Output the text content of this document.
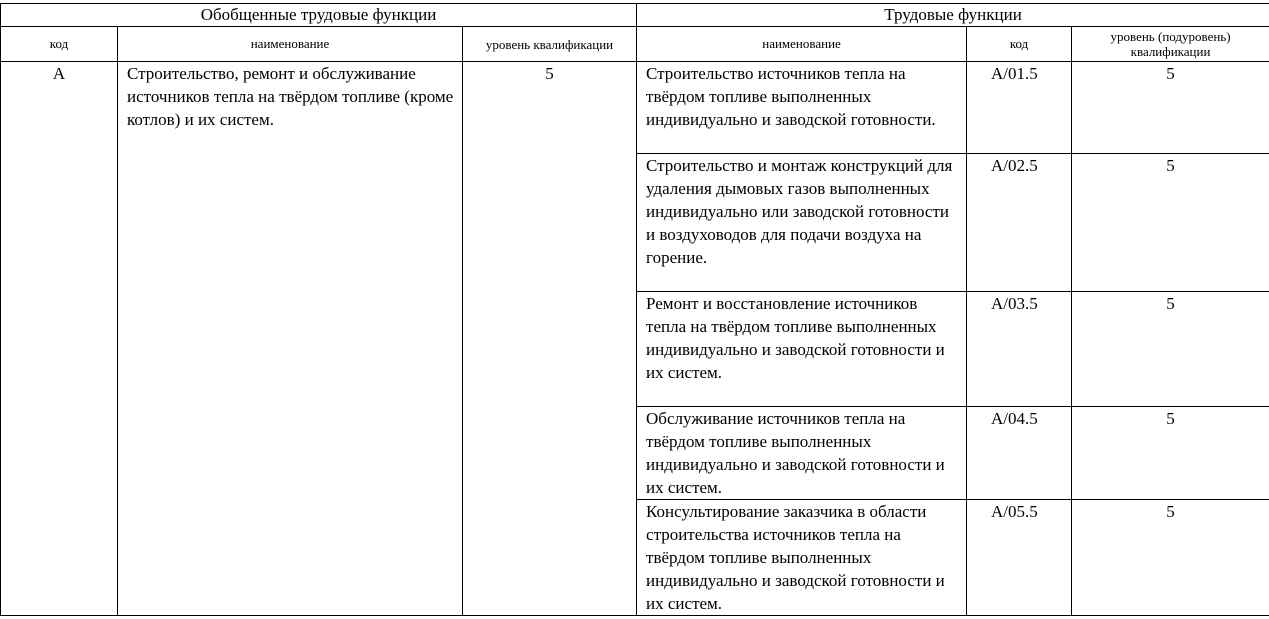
Обобщенные трудовые функции			Трудовые функции		
код	наименование	уровень квалификации	наименование	код	уровень (подуровень) квалификации
А	Строительство, ремонт и обслуживание источников тепла на твёрдом топливе (кроме котлов) и их систем.	5	Строительство источников тепла на твёрдом топливе выполненных индивидуально и заводской готовности.	A/01.5	5
			Строительство и монтаж конструкций для удаления дымовых газов выполненных индивидуально или заводской готовности и воздуховодов для подачи воздуха на горение.	A/02.5	5
			Ремонт и восстановление источников тепла на твёрдом топливе выполненных индивидуально и заводской готовности и их систем.	A/03.5	5
			Обслуживание источников тепла на твёрдом топливе выполненных индивидуально и заводской готовности и их систем.	A/04.5	5
			Консультирование заказчика в области строительства источников тепла на твёрдом топливе выполненных индивидуально и заводской готовности и их систем.	A/05.5	5
